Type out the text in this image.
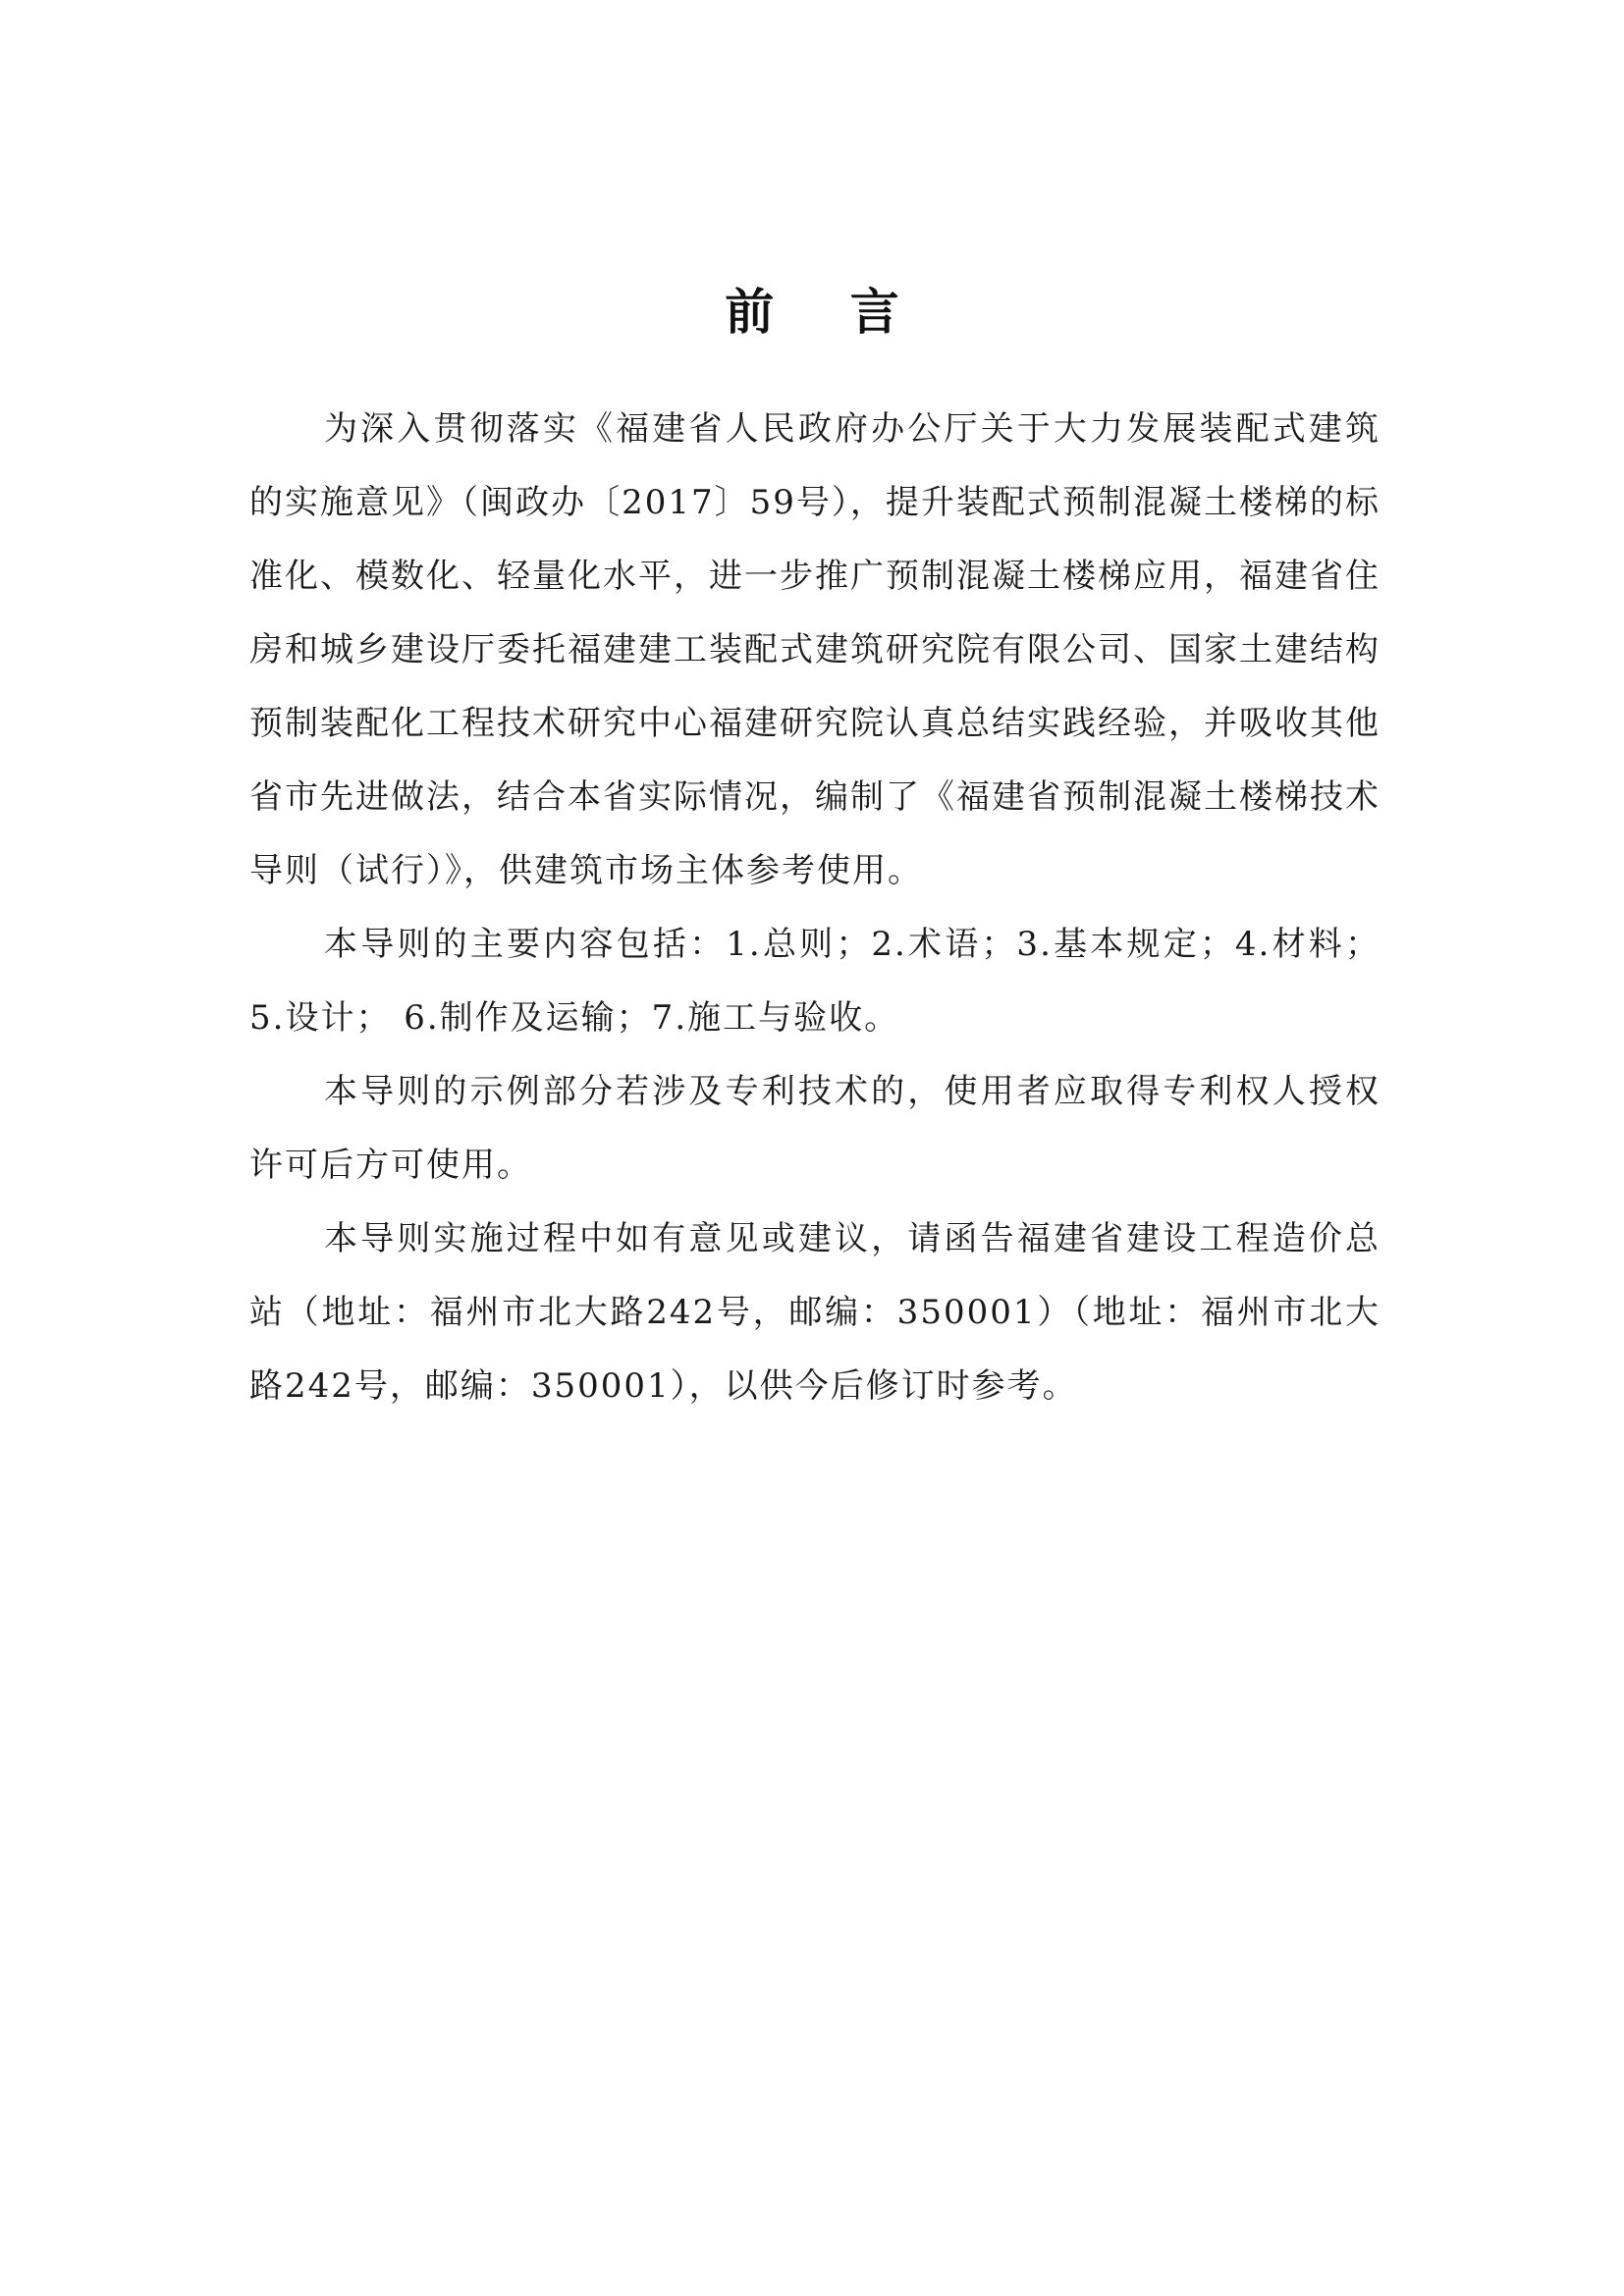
前 言

为深入贯彻落实《福建省人民政府办公厅关于大力发展装配式建筑的实施意见》（闽政办〔2017〕59号），提升装配式预制混凝土楼梯的标准化、模数化、轻量化水平，进一步推广预制混凝土楼梯应用，福建省住房和城乡建设厅委托福建建工装配式建筑研究院有限公司、国家土建结构预制装配化工程技术研究中心福建研究院认真总结实践经验，并吸收其他省市先进做法，结合本省实际情况，编制了《福建省预制混凝土楼梯技术导则（试行）》，供建筑市场主体参考使用。

本导则的主要内容包括：1.总则；2.术语；3.基本规定；4.材料；5.设计； 6.制作及运输；7.施工与验收。

本导则的示例部分若涉及专利技术的，使用者应取得专利权人授权许可后方可使用。

本导则实施过程中如有意见或建议，请函告福建省建设工程造价总站（地址：福州市北大路242号，邮编：350001）（地址：福州市北大路242号，邮编：350001），以供今后修订时参考。
